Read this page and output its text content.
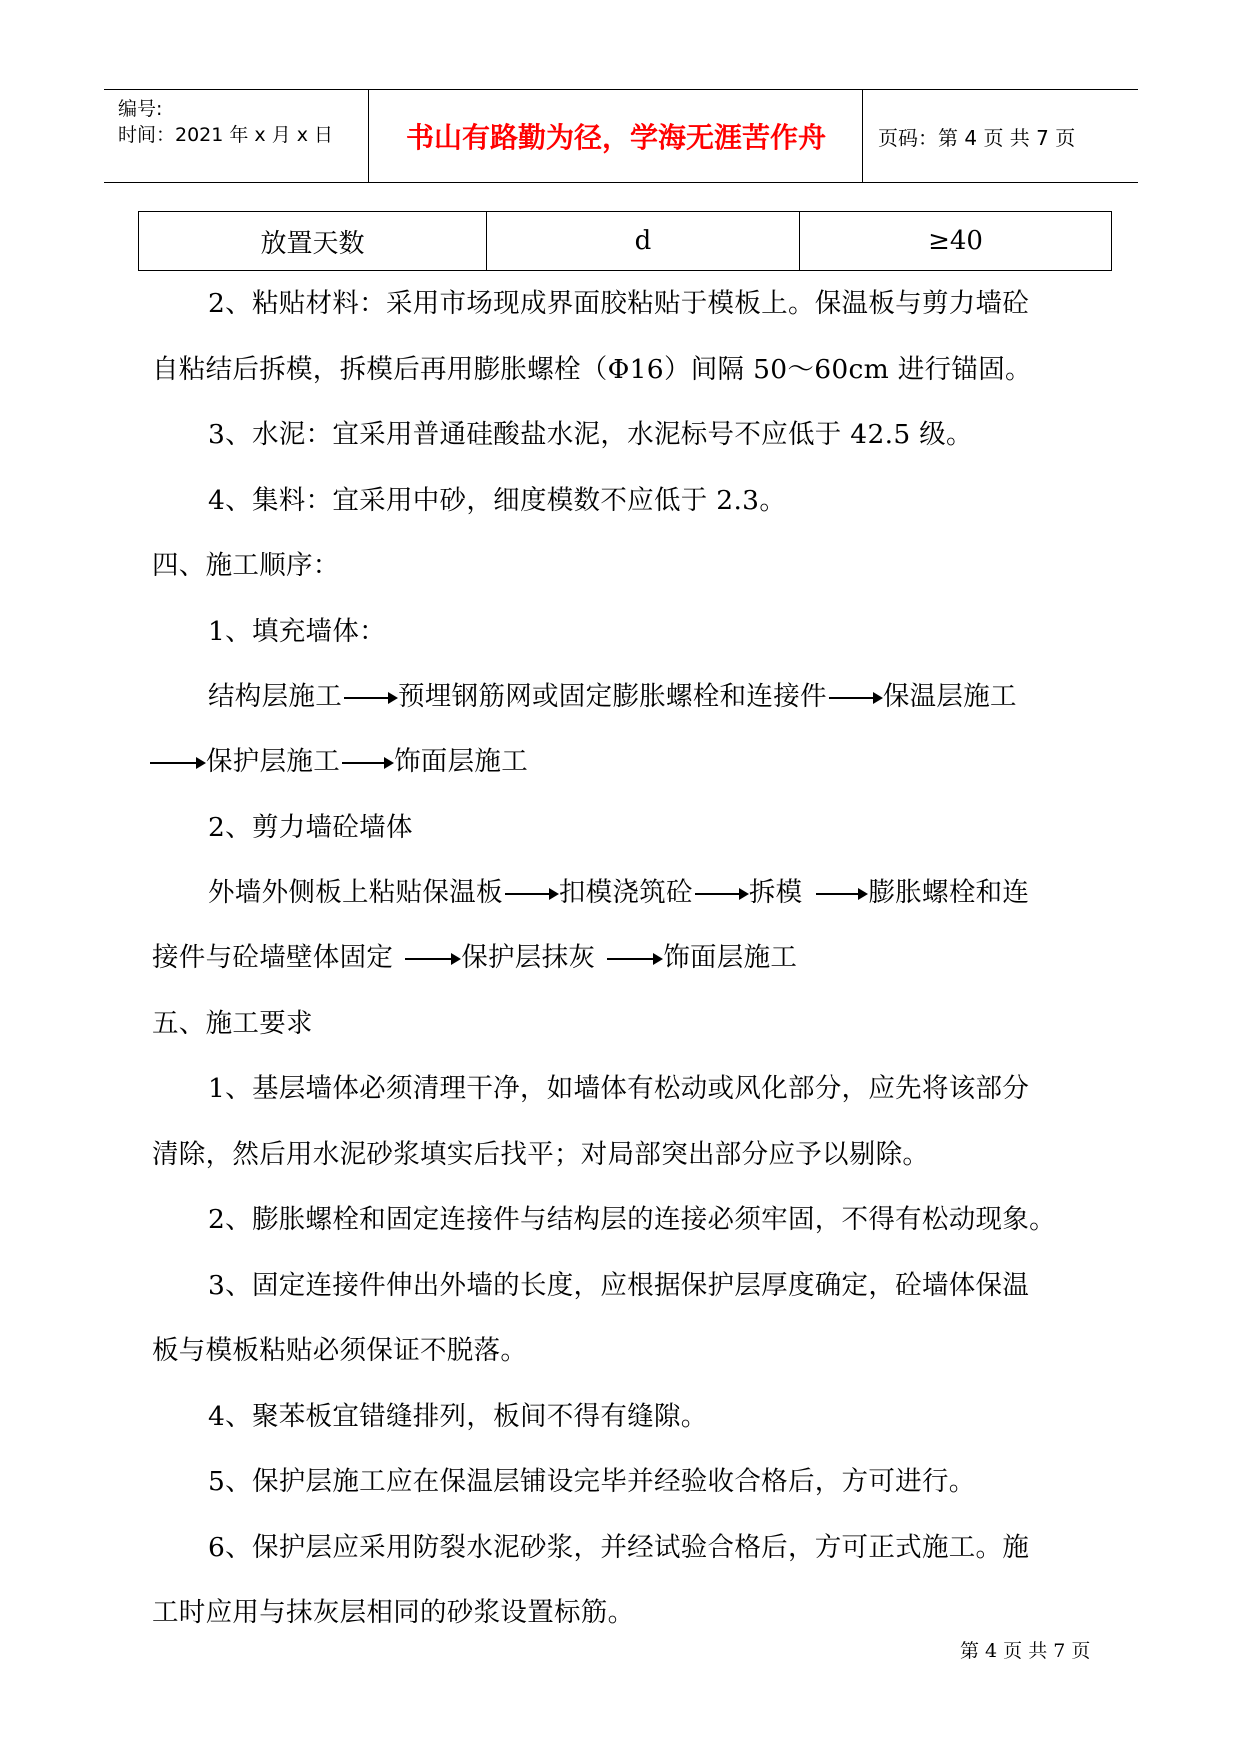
编号:
时间：2021 年 x 月 x 日	书山有路勤为径，学海无涯苦作舟	页码：第 4 页 共 7 页
放置天数	d	≥40
2、粘贴材料：采用市场现成界面胶粘贴于模板上。保温板与剪力墙砼
自粘结后拆模，拆模后再用膨胀螺栓（Φ16）间隔 50～60cm 进行锚固。
3、水泥：宜采用普通硅酸盐水泥，水泥标号不应低于 42.5 级。
4、集料：宜采用中砂，细度模数不应低于 2.3。
四、施工顺序：
1、填充墙体：
结构层施工 预埋钢筋网或固定膨胀螺栓和连接件 保温层施工
保护层施工 饰面层施工
2、剪力墙砼墙体
外墙外侧板上粘贴保温板 扣模浇筑砼 拆模 膨胀螺栓和连
接件与砼墙壁体固定	保护层抹灰	饰面层施工
五、施工要求
1、基层墙体必须清理干净，如墙体有松动或风化部分，应先将该部分
清除，然后用水泥砂浆填实后找平；对局部突出部分应予以剔除。
2、膨胀螺栓和固定连接件与结构层的连接必须牢固，不得有松动现象。
3、固定连接件伸出外墙的长度，应根据保护层厚度确定，砼墙体保温
板与模板粘贴必须保证不脱落。
4、聚苯板宜错缝排列，板间不得有缝隙。
5、保护层施工应在保温层铺设完毕并经验收合格后，方可进行。
6、保护层应采用防裂水泥砂浆，并经试验合格后，方可正式施工。施
工时应用与抹灰层相同的砂浆设置标筋。
第 4 页 共 7 页
